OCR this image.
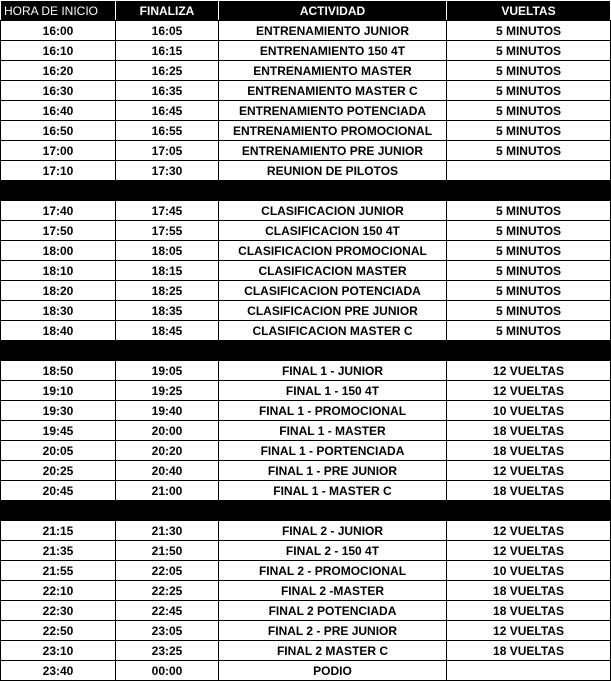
HORA DE INICIO	FINALIZA	ACTIVIDAD	VUELTAS
16:00	16:05	ENTRENAMIENTO JUNIOR	5 MINUTOS
16:10	16:15	ENTRENAMIENTO 150 4T	5 MINUTOS
16:20	16:25	ENTRENAMIENTO MASTER	5 MINUTOS
16:30	16:35	ENTRENAMIENTO MASTER C	5 MINUTOS
16:40	16:45	ENTRENAMIENTO POTENCIADA	5 MINUTOS
16:50	16:55	ENTRENAMIENTO PROMOCIONAL	5 MINUTOS
17:00	17:05	ENTRENAMIENTO PRE JUNIOR	5 MINUTOS
17:10	17:30	REUNION DE PILOTOS	

17:40	17:45	CLASIFICACION JUNIOR	5 MINUTOS
17:50	17:55	CLASIFICACION 150 4T	5 MINUTOS
18:00	18:05	CLASIFICACION PROMOCIONAL	5 MINUTOS
18:10	18:15	CLASIFICACION MASTER	5 MINUTOS
18:20	18:25	CLASIFICACION POTENCIADA	5 MINUTOS
18:30	18:35	CLASIFICACION PRE JUNIOR	5 MINUTOS
18:40	18:45	CLASIFICACION MASTER C	5 MINUTOS

18:50	19:05	FINAL 1 - JUNIOR	12 VUELTAS
19:10	19:25	FINAL 1 - 150 4T	12 VUELTAS
19:30	19:40	FINAL 1 - PROMOCIONAL	10 VUELTAS
19:45	20:00	FINAL 1 - MASTER	18 VUELTAS
20:05	20:20	FINAL 1 - PORTENCIADA	18 VUELTAS
20:25	20:40	FINAL 1 - PRE JUNIOR	12 VUELTAS
20:45	21:00	FINAL 1 - MASTER C	18 VUELTAS

21:15	21:30	FINAL 2 - JUNIOR	12 VUELTAS
21:35	21:50	FINAL 2 - 150 4T	12 VUELTAS
21:55	22:05	FINAL 2 - PROMOCIONAL	10 VUELTAS
22:10	22:25	FINAL 2 -MASTER	18 VUELTAS
22:30	22:45	FINAL 2 POTENCIADA	18 VUELTAS
22:50	23:05	FINAL 2 - PRE JUNIOR	12 VUELTAS
23:10	23:25	FINAL 2 MASTER C	18 VUELTAS
23:40	00:00	PODIO	
